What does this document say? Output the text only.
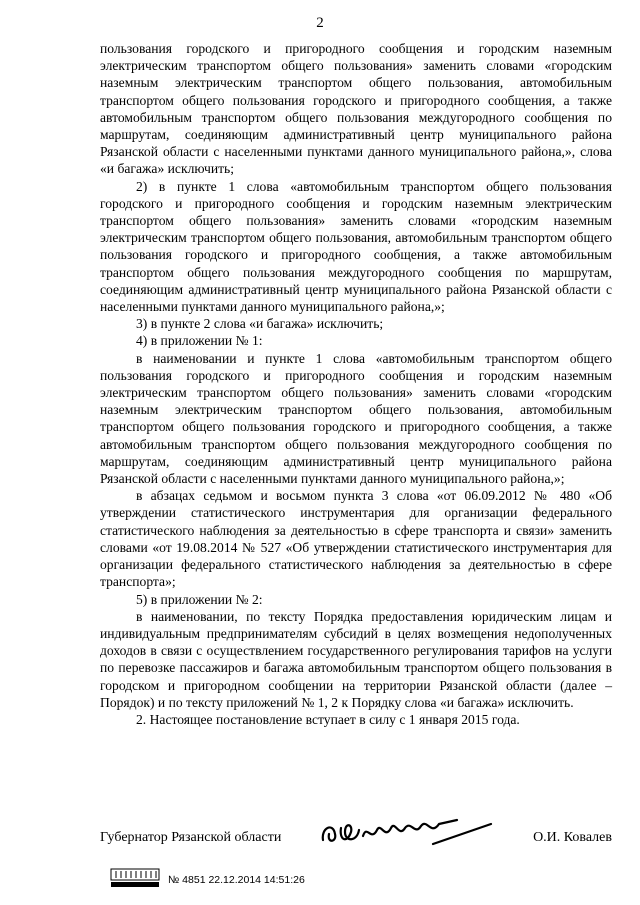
2

пользования городского и пригородного сообщения и городским наземным электрическим транспортом общего пользования» заменить словами «городским наземным электрическим транспортом общего пользования, автомобильным транспортом общего пользования городского и пригородного сообщения, а также автомобильным транспортом общего пользования междугородного сообщения по маршрутам, соединяющим административный центр муниципального района Рязанской области с населенными пунктами данного муниципального района,», слова «и багажа» исключить;

2) в пункте 1 слова «автомобильным транспортом общего пользования городского и пригородного сообщения и городским наземным электрическим транспортом общего пользования» заменить словами «городским наземным электрическим транспортом общего пользования, автомобильным транспортом общего пользования городского и пригородного сообщения, а также автомобильным транспортом общего пользования междугородного сообщения по маршрутам, соединяющим административный центр муниципального района Рязанской области с населенными пунктами данного муниципального района,»;

3) в пункте 2 слова «и багажа» исключить;

4) в приложении № 1:

в наименовании и пункте 1 слова «автомобильным транспортом общего пользования городского и пригородного сообщения и городским наземным электрическим транспортом общего пользования» заменить словами «городским наземным электрическим транспортом общего пользования, автомобильным транспортом общего пользования городского и пригородного сообщения, а также автомобильным транспортом общего пользования междугородного сообщения по маршрутам, соединяющим административный центр муниципального района Рязанской области с населенными пунктами данного муниципального района,»;

в абзацах седьмом и восьмом пункта 3 слова «от 06.09.2012 № 480 «Об утверждении статистического инструментария для организации федерального статистического наблюдения за деятельностью в сфере транспорта и связи» заменить словами «от 19.08.2014 № 527 «Об утверждении статистического инструментария для организации федерального статистического наблюдения за деятельностью в сфере транспорта»;

5) в приложении № 2:

в наименовании, по тексту Порядка предоставления юридическим лицам и индивидуальным предпринимателям субсидий в целях возмещения недополученных доходов в связи с осуществлением государственного регулирования тарифов на услуги по перевозке пассажиров и багажа автомобильным транспортом общего пользования в городском и пригородном сообщении на территории Рязанской области (далее – Порядок) и по тексту приложений № 1, 2 к Порядку слова «и багажа» исключить.

2. Настоящее постановление вступает в силу с 1 января 2015 года.

Губернатор Рязанской области	О.И. Ковалев
№ 4851 22.12.2014 14:51:26
